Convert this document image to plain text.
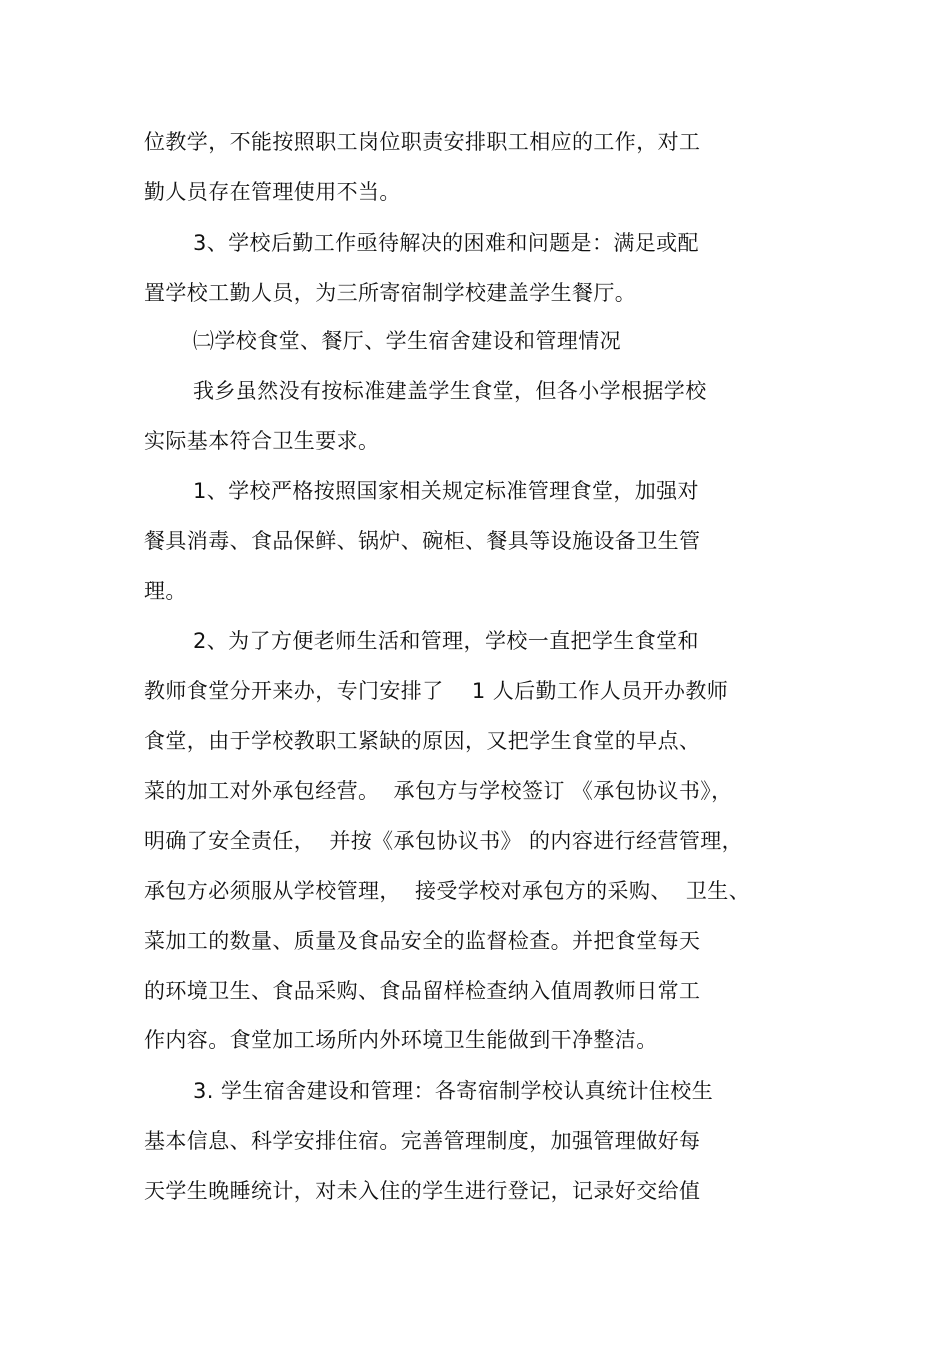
位教学，不能按照职工岗位职责安排职工相应的工作，对工
勤人员存在管理使用不当。
3、学校后勤工作亟待解决的困难和问题是：满足或配
置学校工勤人员，为三所寄宿制学校建盖学生餐厅。
㈡学校食堂、餐厅、学生宿舍建设和管理情况
我乡虽然没有按标准建盖学生食堂，但各小学根据学校
实际基本符合卫生要求。
1、学校严格按照国家相关规定标准管理食堂，加强对
餐具消毒、食品保鲜、锅炉、碗柜、餐具等设施设备卫生管
理。
2、为了方便老师生活和管理，学校一直把学生食堂和
教师食堂分开来办，专门安排了    1 人后勤工作人员开办教师
食堂，由于学校教职工紧缺的原因，又把学生食堂的早点、
菜的加工对外承包经营。  承包方与学校签订 《承包协议书》，
明确了安全责任，  并按《承包协议书》 的内容进行经营管理，
承包方必须服从学校管理，  接受学校对承包方的采购、  卫生、
菜加工的数量、质量及食品安全的监督检查。并把食堂每天
的环境卫生、食品采购、食品留样检查纳入值周教师日常工
作内容。食堂加工场所内外环境卫生能做到干净整洁。
3. 学生宿舍建设和管理：各寄宿制学校认真统计住校生
基本信息、科学安排住宿。完善管理制度，加强管理做好每
天学生晚睡统计，对未入住的学生进行登记，记录好交给值
